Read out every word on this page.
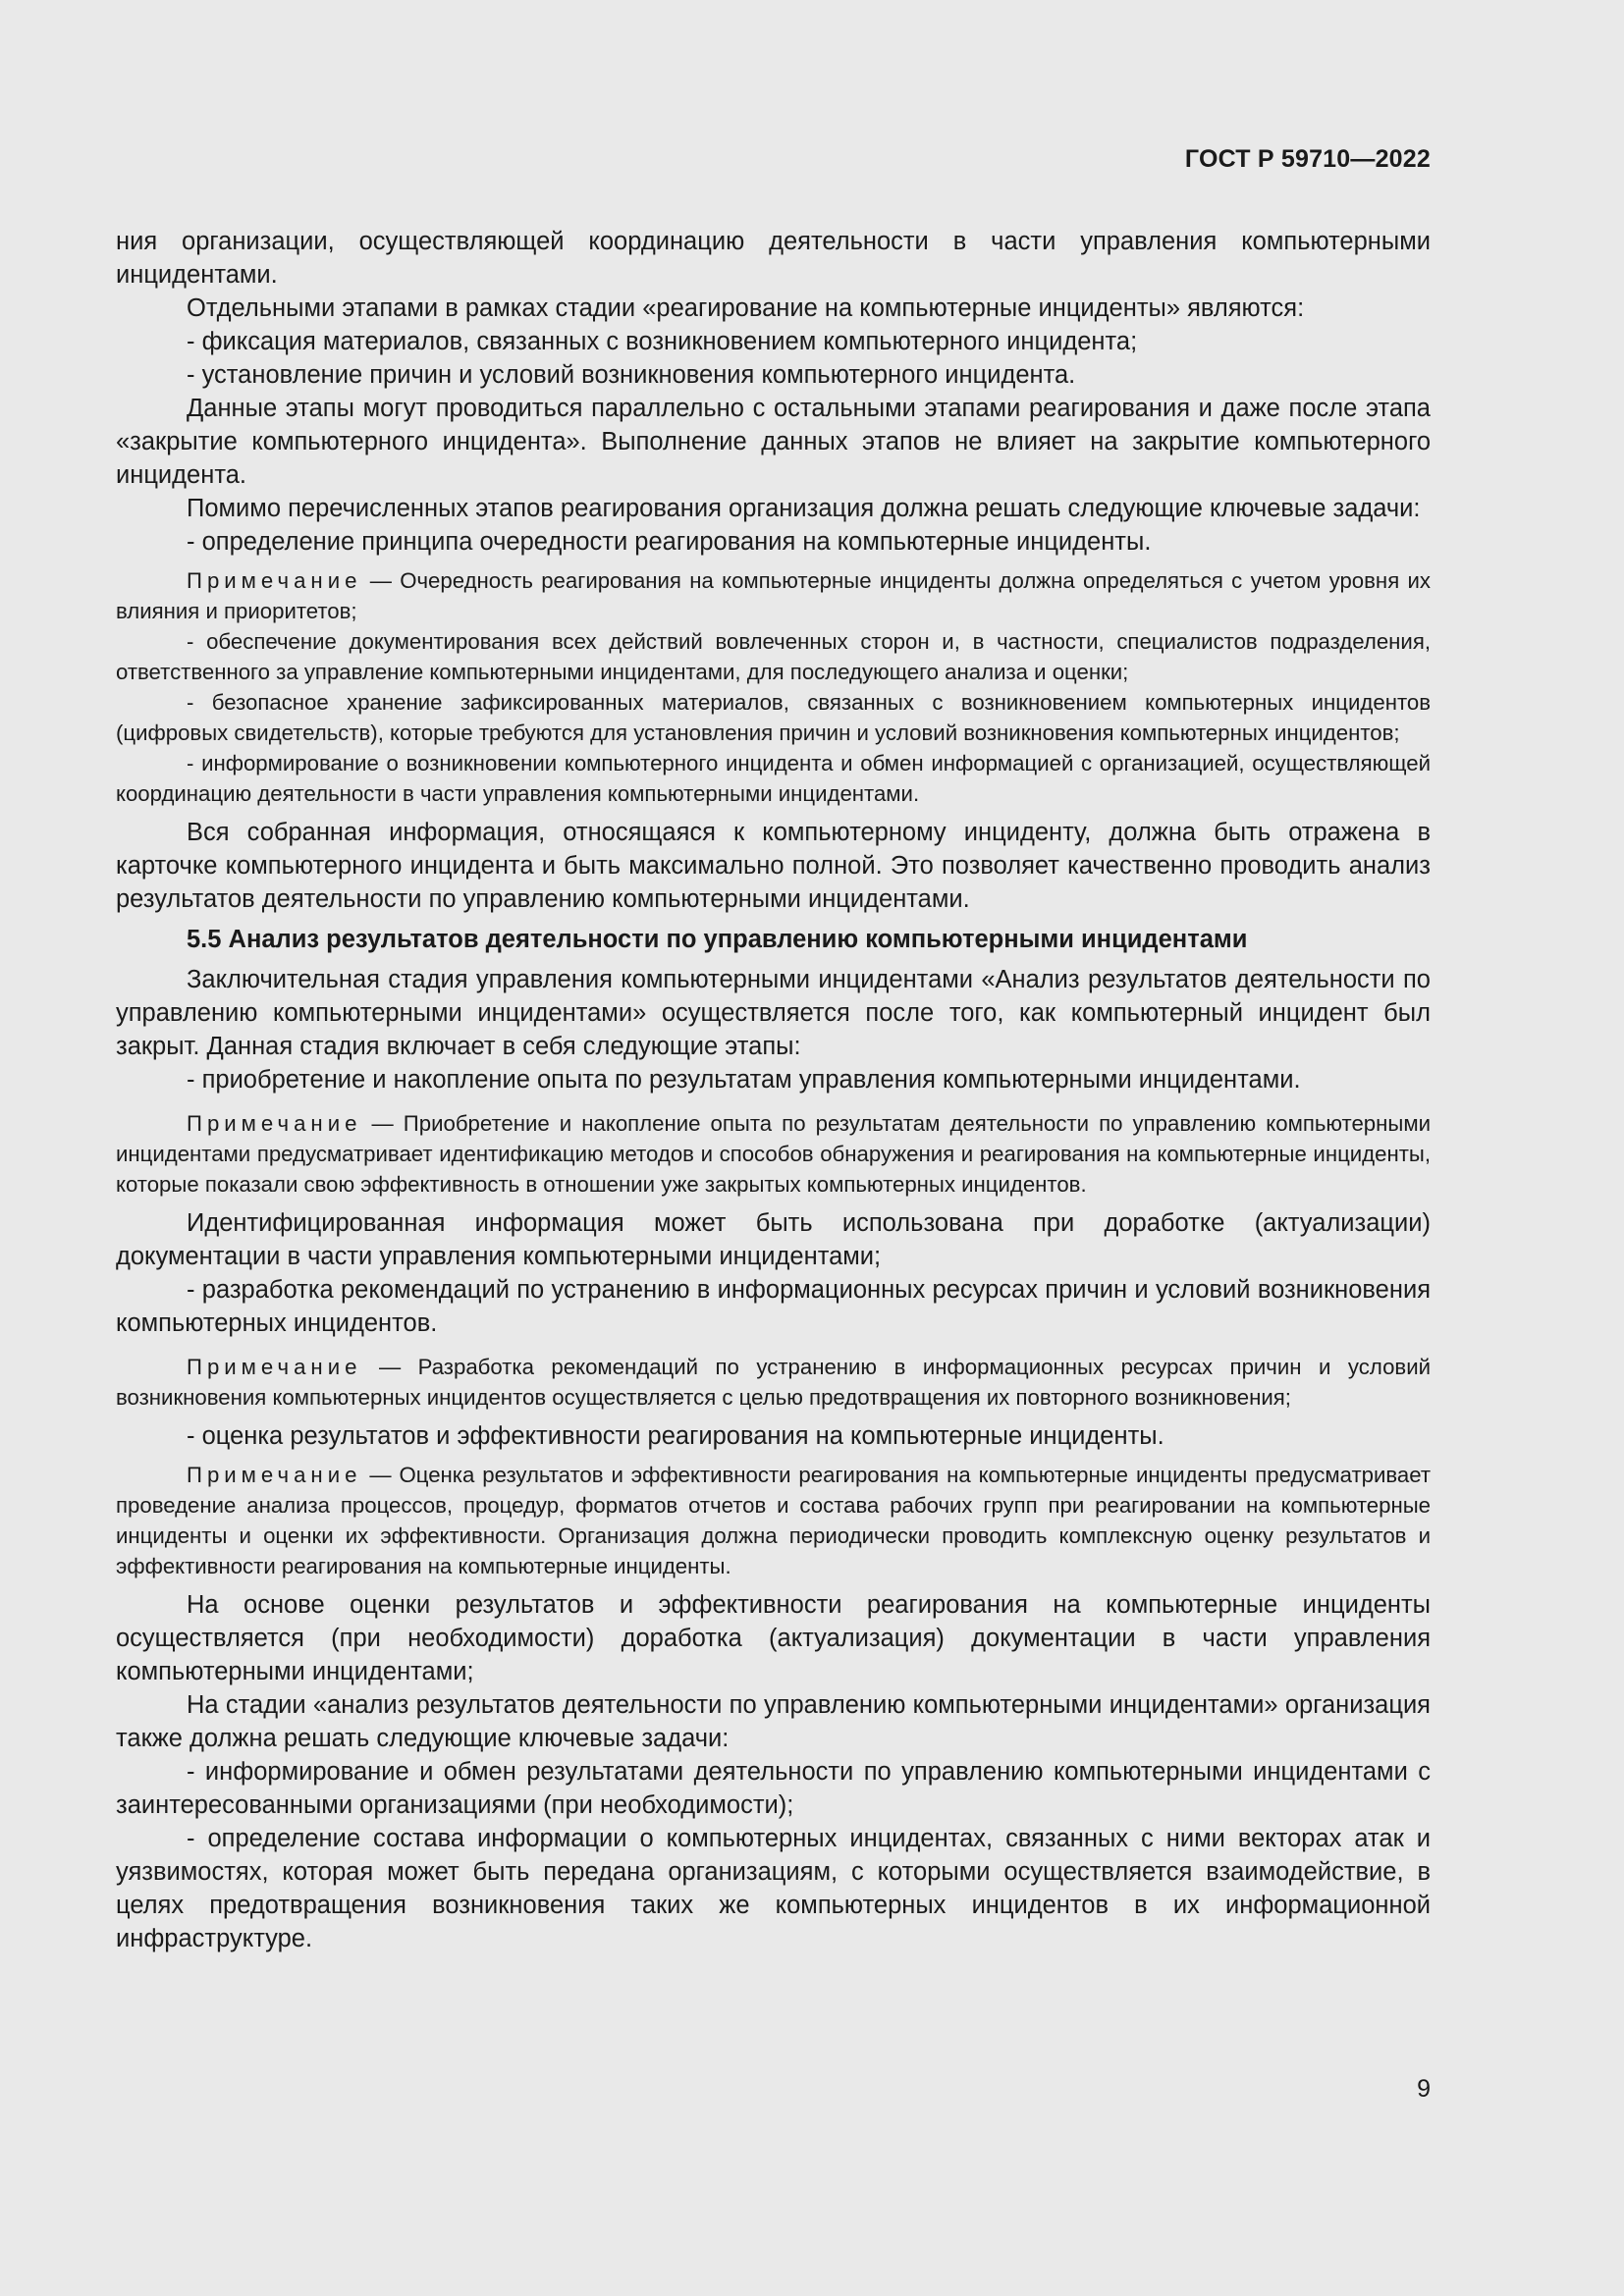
ГОСТ Р 59710—2022

ния организации, осуществляющей координацию деятельности в части управления компьютерными инцидентами.

Отдельными этапами в рамках стадии «реагирование на компьютерные инциденты» являются:

- фиксация материалов, связанных с возникновением компьютерного инцидента;

- установление причин и условий возникновения компьютерного инцидента.

Данные этапы могут проводиться параллельно с остальными этапами реагирования и даже после этапа «закрытие компьютерного инцидента». Выполнение данных этапов не влияет на закрытие компьютерного инцидента.

Помимо перечисленных этапов реагирования организация должна решать следующие ключевые задачи:

- определение принципа очередности реагирования на компьютерные инциденты.

Примечание — Очередность реагирования на компьютерные инциденты должна определяться с учетом уровня их влияния и приоритетов;

- обеспечение документирования всех действий вовлеченных сторон и, в частности, специалистов подразделения, ответственного за управление компьютерными инцидентами, для последующего анализа и оценки;

- безопасное хранение зафиксированных материалов, связанных с возникновением компьютерных инцидентов (цифровых свидетельств), которые требуются для установления причин и условий возникновения компьютерных инцидентов;

- информирование о возникновении компьютерного инцидента и обмен информацией с организацией, осуществляющей координацию деятельности в части управления компьютерными инцидентами.

Вся собранная информация, относящаяся к компьютерному инциденту, должна быть отражена в карточке компьютерного инцидента и быть максимально полной. Это позволяет качественно проводить анализ результатов деятельности по управлению компьютерными инцидентами.

5.5 Анализ результатов деятельности по управлению компьютерными инцидентами

Заключительная стадия управления компьютерными инцидентами «Анализ результатов деятельности по управлению компьютерными инцидентами» осуществляется после того, как компьютерный инцидент был закрыт. Данная стадия включает в себя следующие этапы:

- приобретение и накопление опыта по результатам управления компьютерными инцидентами.

Примечание — Приобретение и накопление опыта по результатам деятельности по управлению компьютерными инцидентами предусматривает идентификацию методов и способов обнаружения и реагирования на компьютерные инциденты, которые показали свою эффективность в отношении уже закрытых компьютерных инцидентов.

Идентифицированная информация может быть использована при доработке (актуализации) документации в части управления компьютерными инцидентами;

- разработка рекомендаций по устранению в информационных ресурсах причин и условий возникновения компьютерных инцидентов.

Примечание — Разработка рекомендаций по устранению в информационных ресурсах причин и условий возникновения компьютерных инцидентов осуществляется с целью предотвращения их повторного возникновения;

- оценка результатов и эффективности реагирования на компьютерные инциденты.

Примечание — Оценка результатов и эффективности реагирования на компьютерные инциденты предусматривает проведение анализа процессов, процедур, форматов отчетов и состава рабочих групп при реагировании на компьютерные инциденты и оценки их эффективности. Организация должна периодически проводить комплексную оценку результатов и эффективности реагирования на компьютерные инциденты.

На основе оценки результатов и эффективности реагирования на компьютерные инциденты осуществляется (при необходимости) доработка (актуализация) документации в части управления компьютерными инцидентами;

На стадии «анализ результатов деятельности по управлению компьютерными инцидентами» организация также должна решать следующие ключевые задачи:

- информирование и обмен результатами деятельности по управлению компьютерными инцидентами с заинтересованными организациями (при необходимости);

- определение состава информации о компьютерных инцидентах, связанных с ними векторах атак и уязвимостях, которая может быть передана организациям, с которыми осуществляется взаимодействие, в целях предотвращения возникновения таких же компьютерных инцидентов в их информационной инфраструктуре.

9
